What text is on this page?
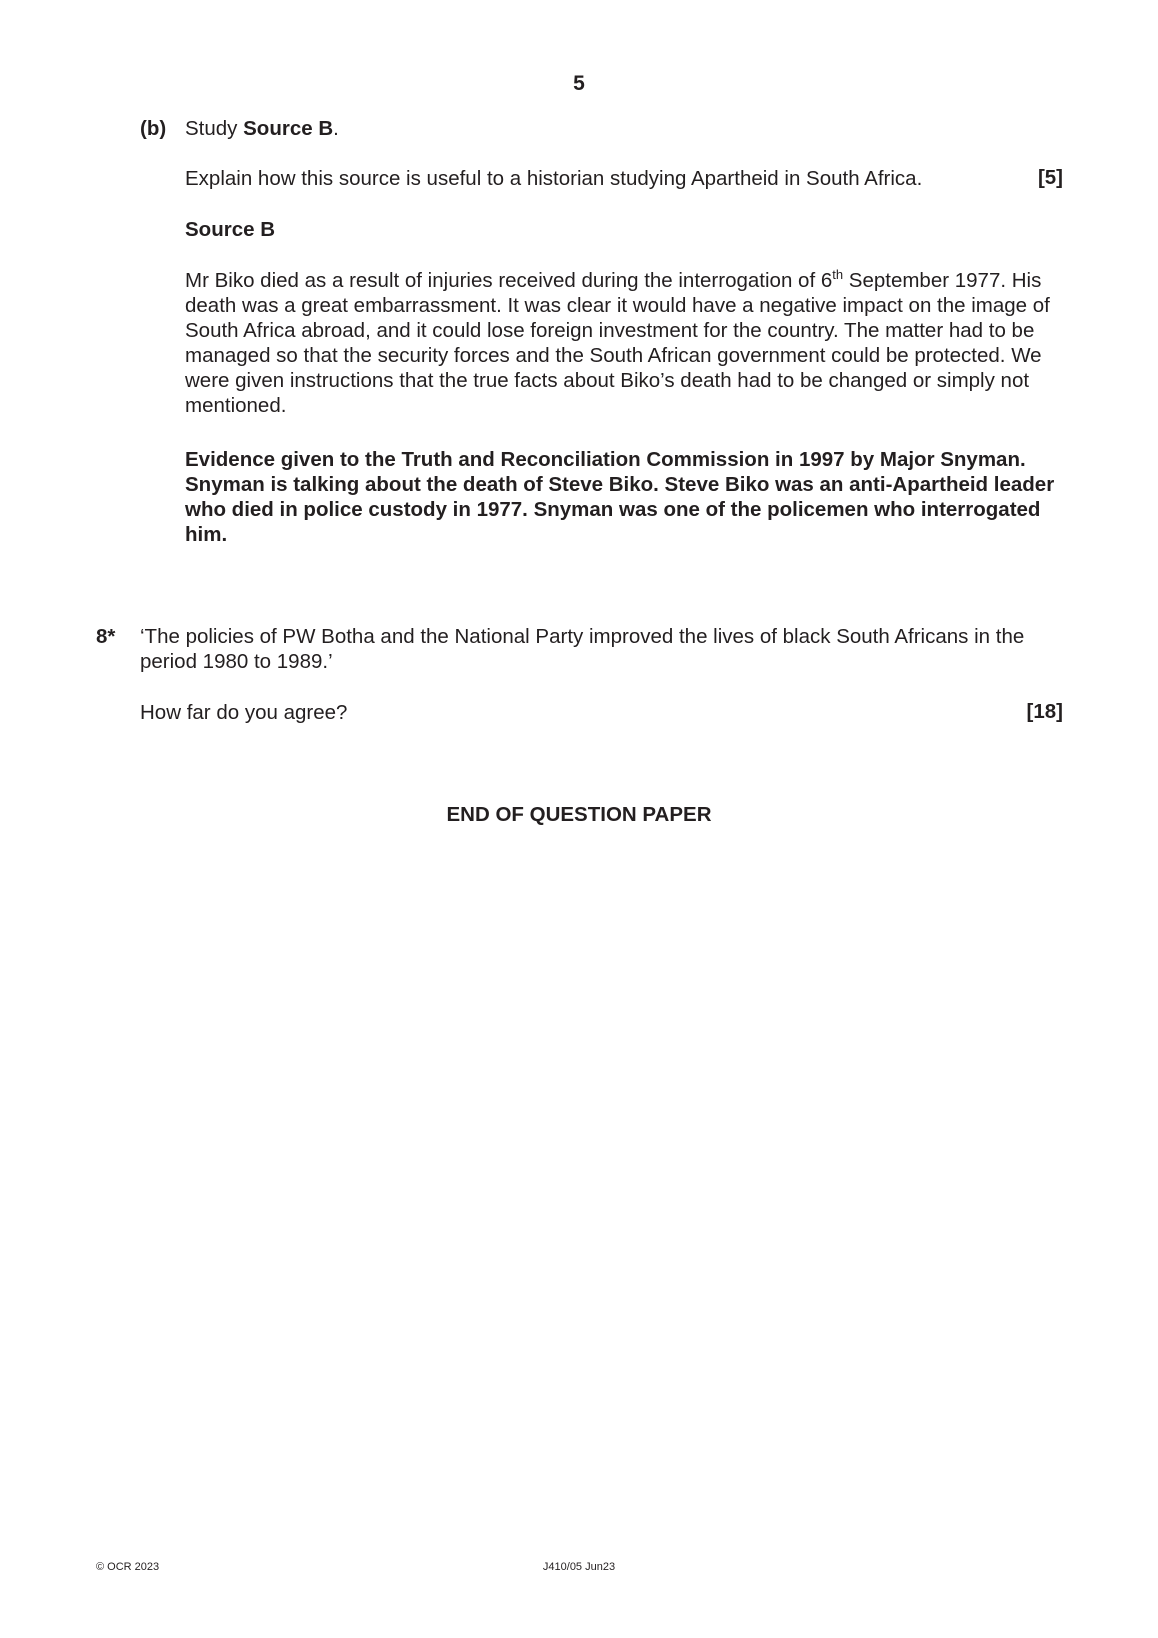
5
(b) Study Source B.
Explain how this source is useful to a historian studying Apartheid in South Africa.	[5]
Source B
Mr Biko died as a result of injuries received during the interrogation of 6th September 1977. His death was a great embarrassment. It was clear it would have a negative impact on the image of South Africa abroad, and it could lose foreign investment for the country. The matter had to be managed so that the security forces and the South African government could be protected. We were given instructions that the true facts about Biko’s death had to be changed or simply not mentioned.
Evidence given to the Truth and Reconciliation Commission in 1997 by Major Snyman. Snyman is talking about the death of Steve Biko. Steve Biko was an anti-Apartheid leader who died in police custody in 1977. Snyman was one of the policemen who interrogated him.
8* ‘The policies of PW Botha and the National Party improved the lives of black South Africans in the period 1980 to 1989.’
How far do you agree?	[18]
END OF QUESTION PAPER
© OCR 2023	J410/05 Jun23
